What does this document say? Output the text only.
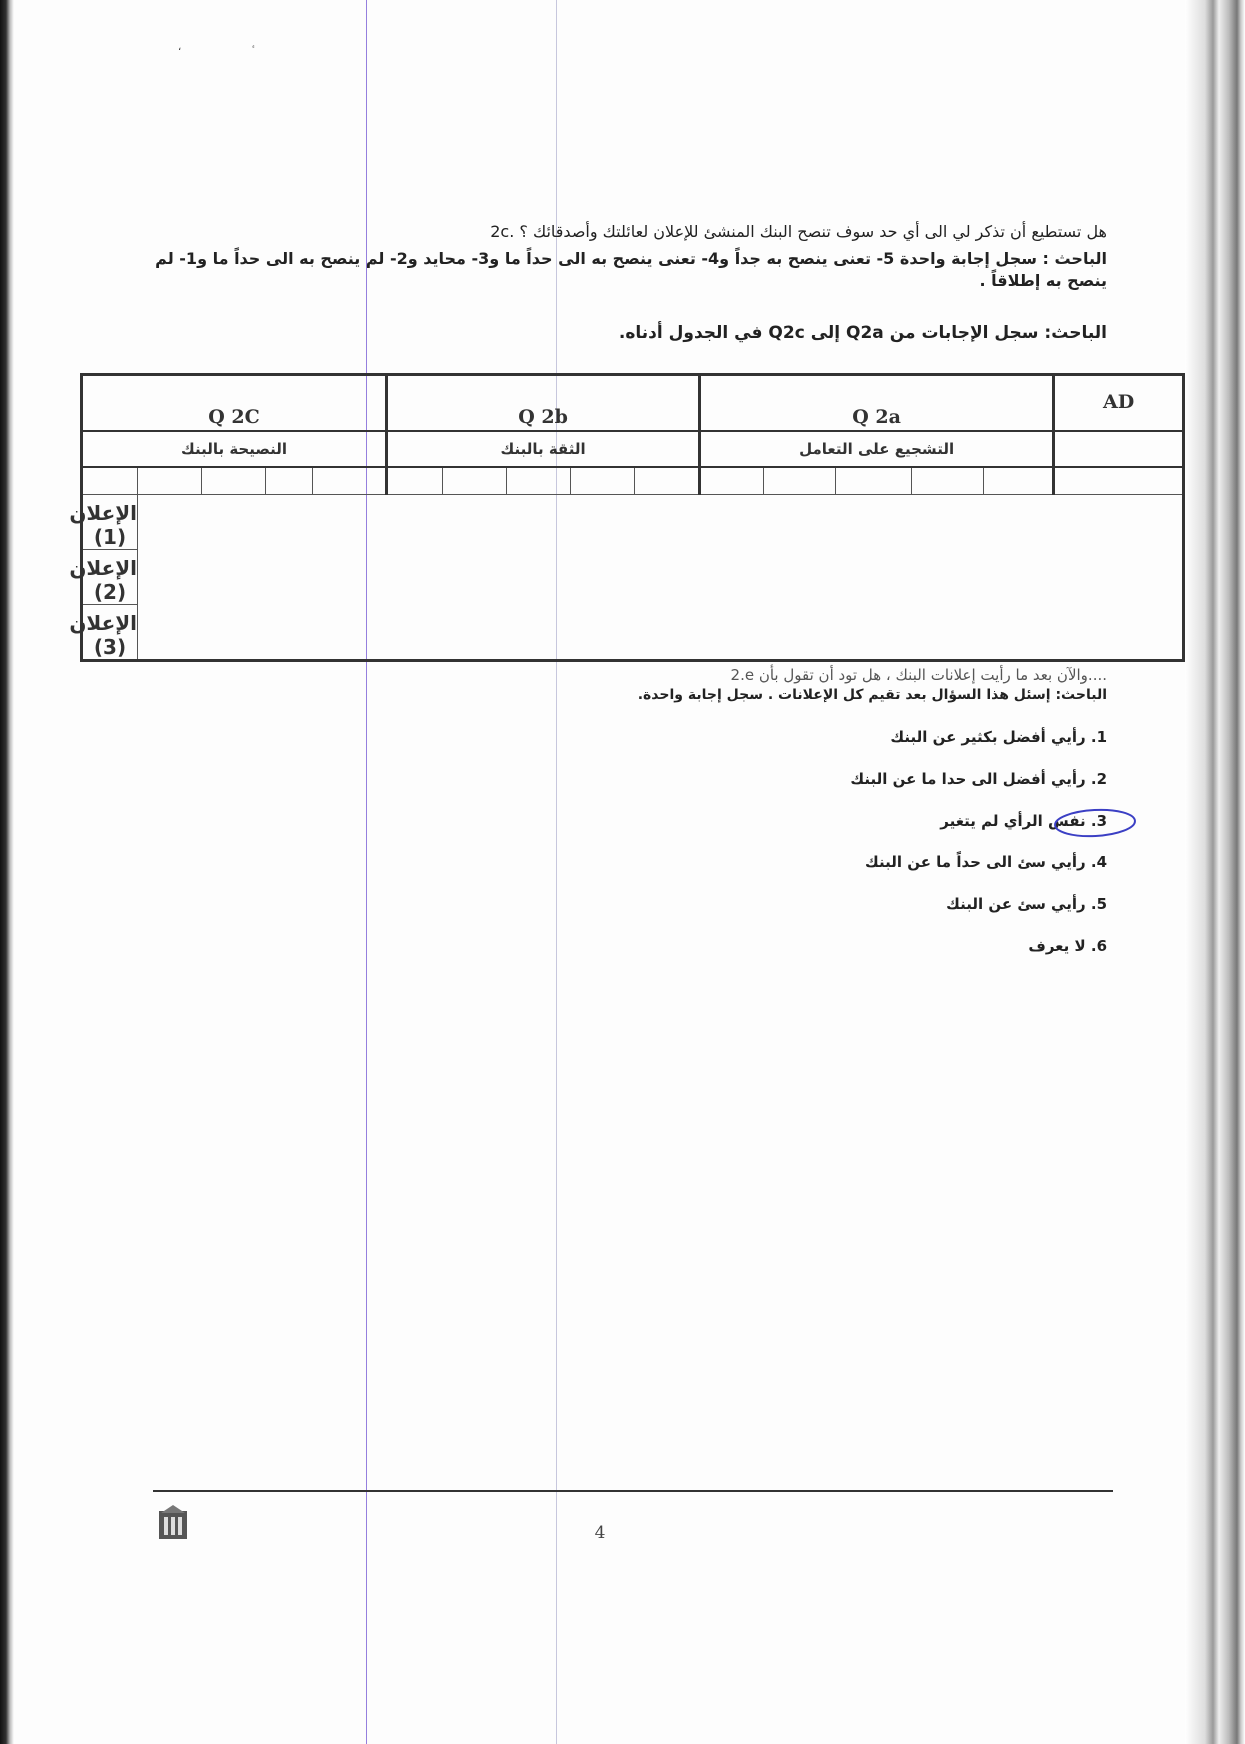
،	ٴ
2c. هل تستطيع أن تذكر لي الى أي حد سوف تنصح البنك المنشئ للإعلان لعائلتك وأصدقائك ؟
الباحث : سجل إجابة واحدة 5- تعنى ينصح به جداً و4- تعنى ينصح به الى حداً ما و3- محايد و2- لم ينصح به الى حداً ما و1- لم ينصح به إطلاقاً .
الباحث: سجل الإجابات من Q2a إلى Q2c في الجدول أدناه.
Q 2C					Q 2b					Q 2a					AD
النصيحة بالبنك					الثقة بالبنك					التشجيع على التعامل					

الإعلان (1)															
الإعلان (2)															
الإعلان (3)															
2.e والآن بعد ما رأيت إعلانات البنك ، هل تود أن تقول بأن....
الباحث: إسئل هذا السؤال بعد تقيم كل الإعلانات . سجل إجابة واحدة.
1. رأيي أفضل بكثير عن البنك
2. رأيي أفضل الى حدا ما عن البنك
3. نفس الرأي لم يتغير
4. رأيي سئ الى حداً ما عن البنك
5. رأيي سئ عن البنك
6. لا يعرف
4
